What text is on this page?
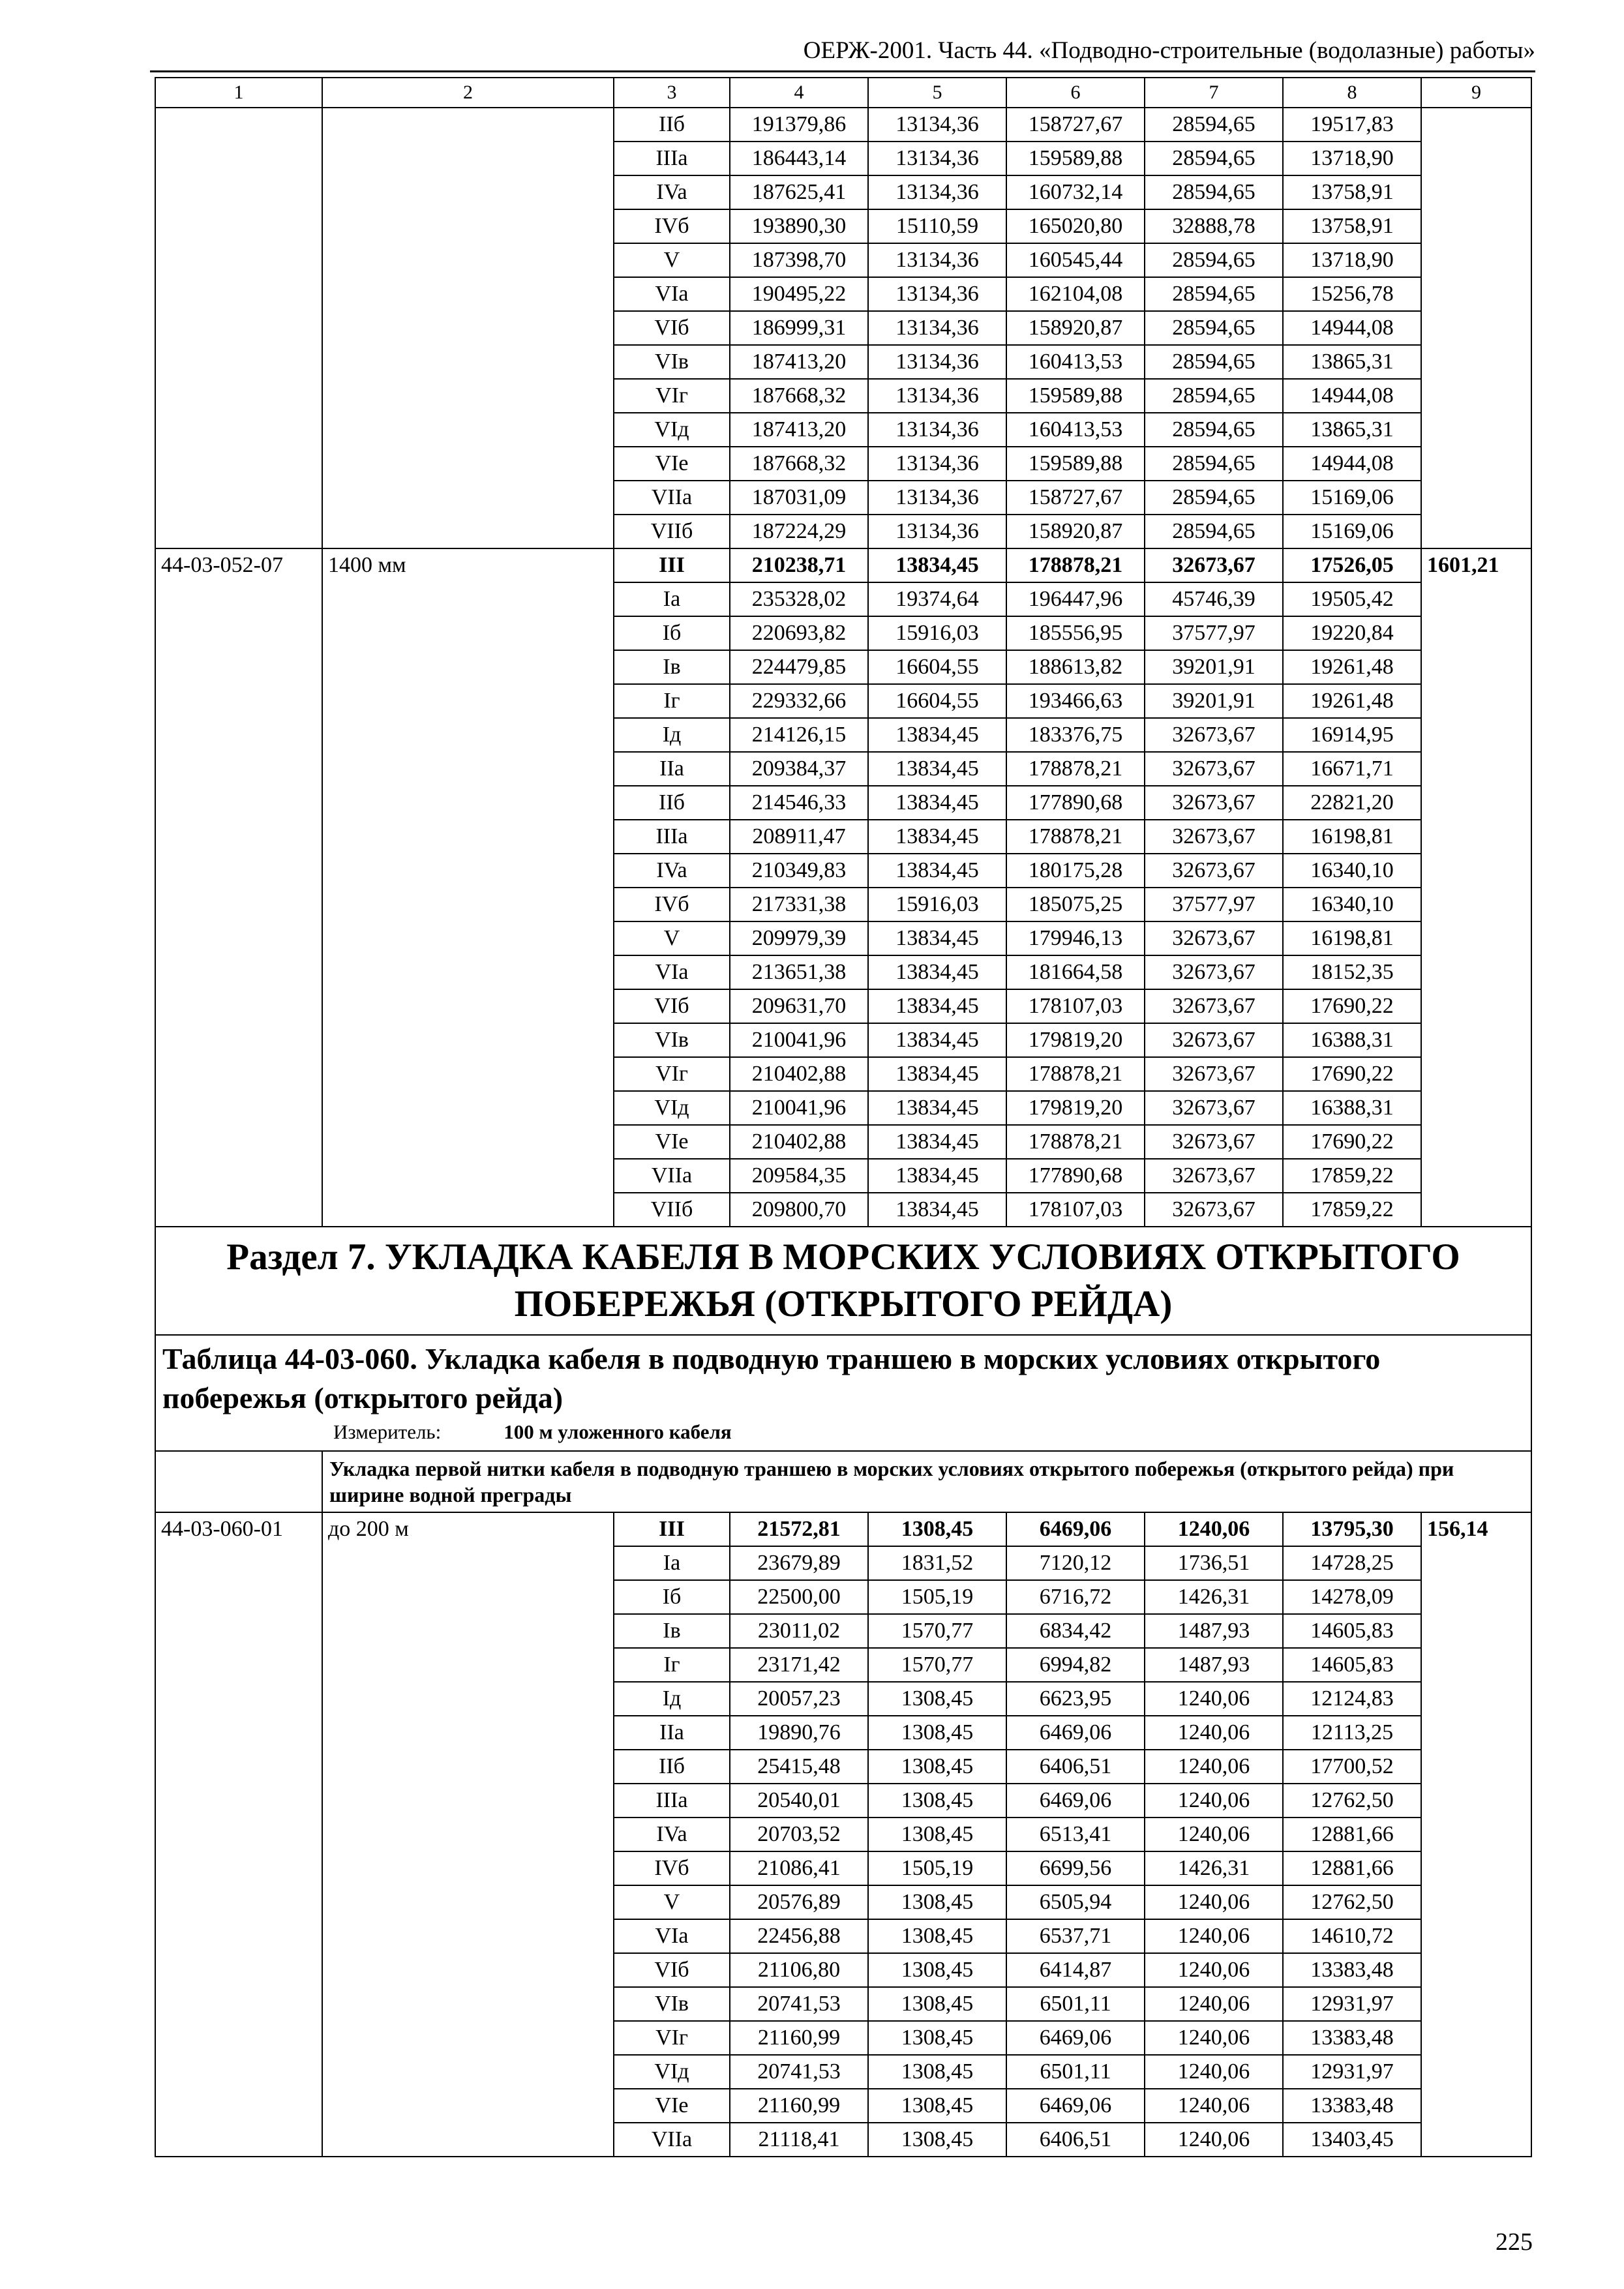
ОЕРЖ-2001. Часть 44. «Подводно-строительные (водолазные) работы»
1	2	3	4	5	6	7	8	9
		IIб	191379,86	13134,36	158727,67	28594,65	19517,83	
		IIIa	186443,14	13134,36	159589,88	28594,65	13718,90	
		IVa	187625,41	13134,36	160732,14	28594,65	13758,91	
		IVб	193890,30	15110,59	165020,80	32888,78	13758,91	
		V	187398,70	13134,36	160545,44	28594,65	13718,90	
		VIa	190495,22	13134,36	162104,08	28594,65	15256,78	
		VIб	186999,31	13134,36	158920,87	28594,65	14944,08	
		VIв	187413,20	13134,36	160413,53	28594,65	13865,31	
		VIг	187668,32	13134,36	159589,88	28594,65	14944,08	
		VIд	187413,20	13134,36	160413,53	28594,65	13865,31	
		VIe	187668,32	13134,36	159589,88	28594,65	14944,08	
		VIIa	187031,09	13134,36	158727,67	28594,65	15169,06	
		VIIб	187224,29	13134,36	158920,87	28594,65	15169,06	
44-03-052-07	1400 мм	III	210238,71	13834,45	178878,21	32673,67	17526,05	1601,21
		Ia	235328,02	19374,64	196447,96	45746,39	19505,42	
		Iб	220693,82	15916,03	185556,95	37577,97	19220,84	
		Iв	224479,85	16604,55	188613,82	39201,91	19261,48	
		Iг	229332,66	16604,55	193466,63	39201,91	19261,48	
		Iд	214126,15	13834,45	183376,75	32673,67	16914,95	
		IIa	209384,37	13834,45	178878,21	32673,67	16671,71	
		IIб	214546,33	13834,45	177890,68	32673,67	22821,20	
		IIIa	208911,47	13834,45	178878,21	32673,67	16198,81	
		IVa	210349,83	13834,45	180175,28	32673,67	16340,10	
		IVб	217331,38	15916,03	185075,25	37577,97	16340,10	
		V	209979,39	13834,45	179946,13	32673,67	16198,81	
		VIa	213651,38	13834,45	181664,58	32673,67	18152,35	
		VIб	209631,70	13834,45	178107,03	32673,67	17690,22	
		VIв	210041,96	13834,45	179819,20	32673,67	16388,31	
		VIг	210402,88	13834,45	178878,21	32673,67	17690,22	
		VIд	210041,96	13834,45	179819,20	32673,67	16388,31	
		VIe	210402,88	13834,45	178878,21	32673,67	17690,22	
		VIIa	209584,35	13834,45	177890,68	32673,67	17859,22	
		VIIб	209800,70	13834,45	178107,03	32673,67	17859,22	
Раздел 7. УКЛАДКА КАБЕЛЯ В МОРСКИХ УСЛОВИЯХ ОТКРЫТОГО ПОБЕРЕЖЬЯ (ОТКРЫТОГО РЕЙДА)								

Таблица 44-03-060. Укладка кабеля в подводную траншею в морских условиях открытого побережья (открытого рейда)
Измеритель: 100 м уложенного кабеля								

	Укладка первой нитки кабеля в подводную траншею в морских условиях открытого побережья (открытого рейда) при ширине водной преграды							
44-03-060-01	до 200 м	III	21572,81	1308,45	6469,06	1240,06	13795,30	156,14
		Ia	23679,89	1831,52	7120,12	1736,51	14728,25	
		Iб	22500,00	1505,19	6716,72	1426,31	14278,09	
		Iв	23011,02	1570,77	6834,42	1487,93	14605,83	
		Iг	23171,42	1570,77	6994,82	1487,93	14605,83	
		Iд	20057,23	1308,45	6623,95	1240,06	12124,83	
		IIa	19890,76	1308,45	6469,06	1240,06	12113,25	
		IIб	25415,48	1308,45	6406,51	1240,06	17700,52	
		IIIa	20540,01	1308,45	6469,06	1240,06	12762,50	
		IVa	20703,52	1308,45	6513,41	1240,06	12881,66	
		IVб	21086,41	1505,19	6699,56	1426,31	12881,66	
		V	20576,89	1308,45	6505,94	1240,06	12762,50	
		VIa	22456,88	1308,45	6537,71	1240,06	14610,72	
		VIб	21106,80	1308,45	6414,87	1240,06	13383,48	
		VIв	20741,53	1308,45	6501,11	1240,06	12931,97	
		VIг	21160,99	1308,45	6469,06	1240,06	13383,48	
		VIд	20741,53	1308,45	6501,11	1240,06	12931,97	
		VIe	21160,99	1308,45	6469,06	1240,06	13383,48	
		VIIa	21118,41	1308,45	6406,51	1240,06	13403,45	
225
